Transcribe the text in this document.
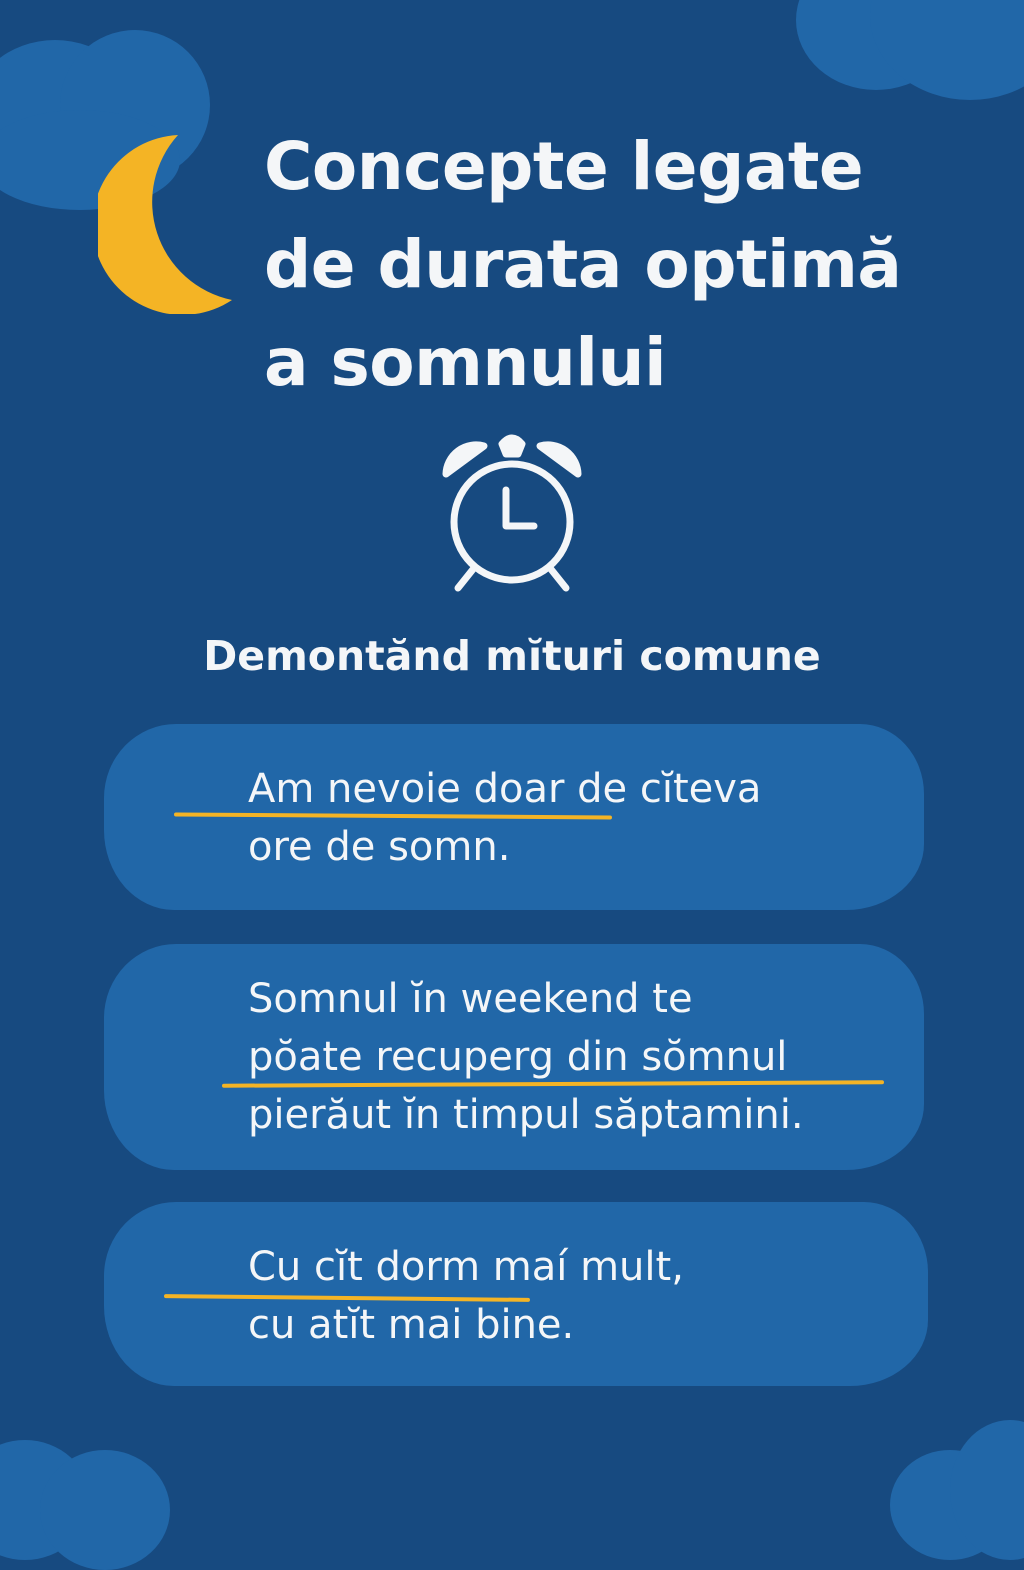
Concepte legate
de durata optimă
a somnului
Demontănd mĭturi comune

Am nevoie doar de cĭteva
ore de somn.

Somnul ĭn weekend te
pŏate recuperg din sŏmnul
pierăut ĭn timpul săptamini.

Cu cĭt dorm maí mult,
cu atĭt mai bine.
